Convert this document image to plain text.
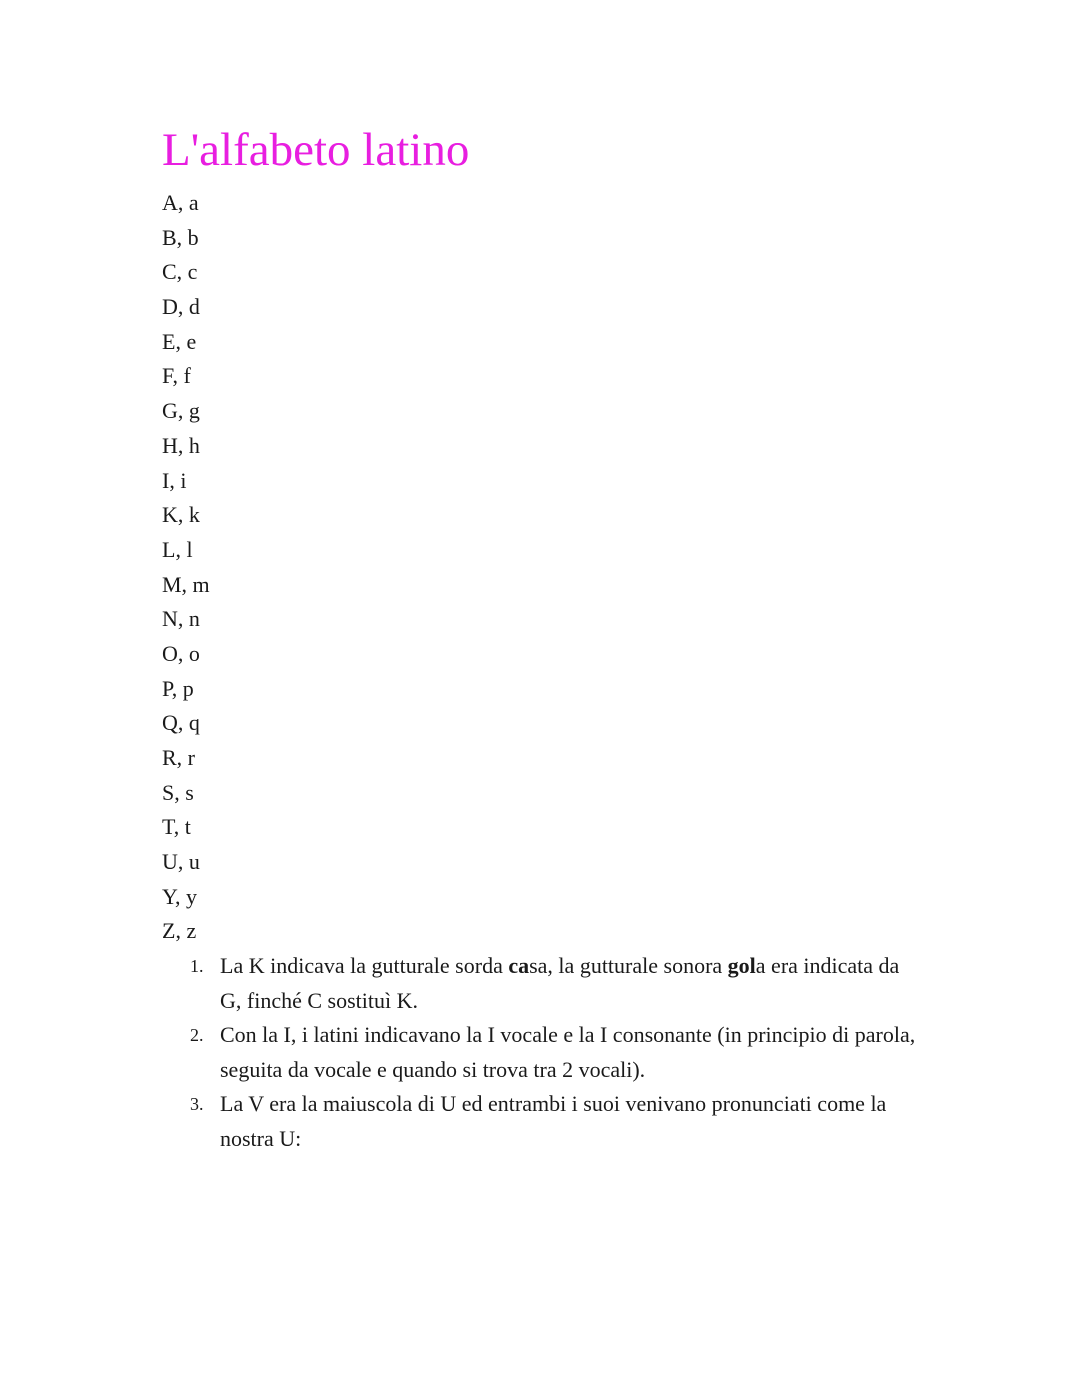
L'alfabeto latino
A, a
B, b
C, c
D, d
E, e
F, f
G, g
H, h
I, i
K, k
L, l
M, m
N, n
O, o
P, p
Q, q
R, r
S, s
T, t
U, u
Y, y
Z, z
1. La K indicava la gutturale sorda casa, la gutturale sonora gola era indicata da G, finché C sostituì K.
2. Con la I, i latini indicavano la I vocale e la I consonante (in principio di parola, seguita da vocale e quando si trova tra 2 vocali).
3. La V era la maiuscola di U ed entrambi i suoi venivano pronunciati come la nostra U:
